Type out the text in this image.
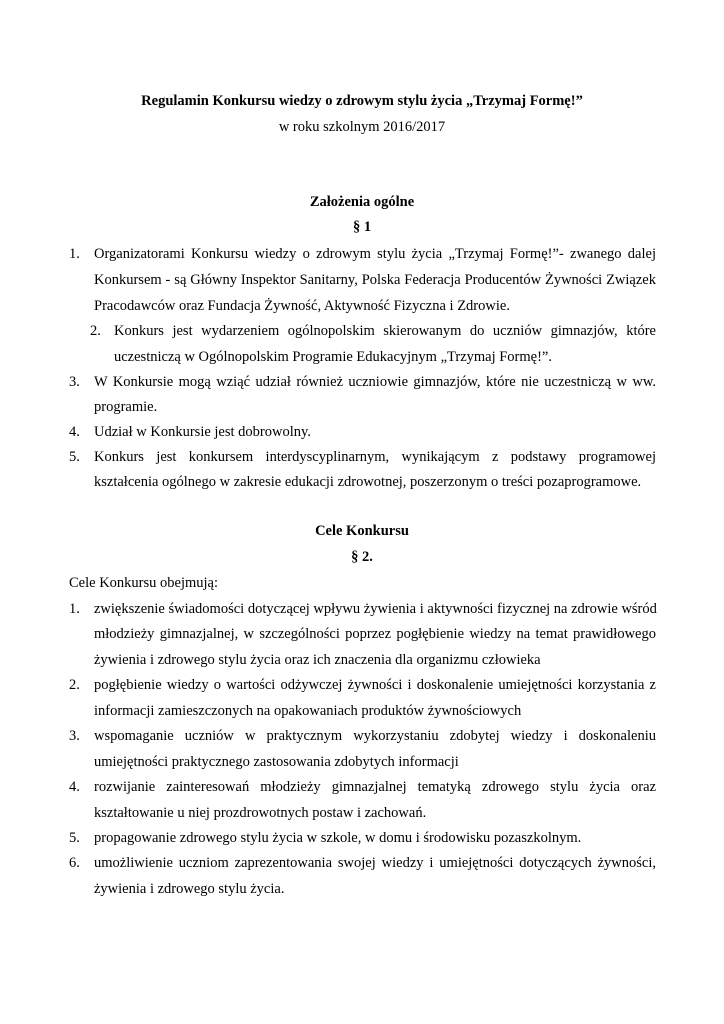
Regulamin Konkursu wiedzy o zdrowym stylu życia „Trzymaj Formę!”
w roku szkolnym 2016/2017
Założenia ogólne
§ 1
1. Organizatorami Konkursu wiedzy o zdrowym stylu życia „Trzymaj Formę!”- zwanego dalej
Konkursem - są Główny Inspektor Sanitarny, Polska Federacja Producentów Żywności Związek
Pracodawców oraz Fundacja Żywność, Aktywność Fizyczna i Zdrowie.
2. Konkurs jest wydarzeniem ogólnopolskim skierowanym do uczniów gimnazjów, które
uczestniczą w Ogólnopolskim Programie Edukacyjnym „Trzymaj Formę!”.
3. W Konkursie mogą wziąć udział również uczniowie gimnazjów, które nie uczestniczą w ww.
programie.
4. Udział w Konkursie jest dobrowolny.
5. Konkurs jest konkursem interdyscyplinarnym, wynikającym z podstawy programowej
kształcenia ogólnego w zakresie edukacji zdrowotnej, poszerzonym o treści pozaprogramowe.
Cele Konkursu
§ 2.
Cele Konkursu obejmują:
1. zwiększenie świadomości dotyczącej wpływu żywienia i aktywności fizycznej na zdrowie wśród
młodzieży gimnazjalnej, w szczególności poprzez pogłębienie wiedzy na temat prawidłowego
żywienia i zdrowego stylu życia oraz ich znaczenia dla organizmu człowieka
2. pogłębienie wiedzy o wartości odżywczej żywności i doskonalenie umiejętności korzystania z
informacji zamieszczonych na opakowaniach produktów żywnościowych
3. wspomaganie uczniów w praktycznym wykorzystaniu zdobytej wiedzy i doskonaleniu
umiejętności praktycznego zastosowania zdobytych informacji
4. rozwijanie zainteresowań młodzieży gimnazjalnej tematyką zdrowego stylu życia oraz
kształtowanie u niej prozdrowotnych postaw i zachowań.
5. propagowanie zdrowego stylu życia w szkole, w domu i środowisku pozaszkolnym.
6. umożliwienie uczniom zaprezentowania swojej wiedzy i umiejętności dotyczących żywności,
żywienia i zdrowego stylu życia.
